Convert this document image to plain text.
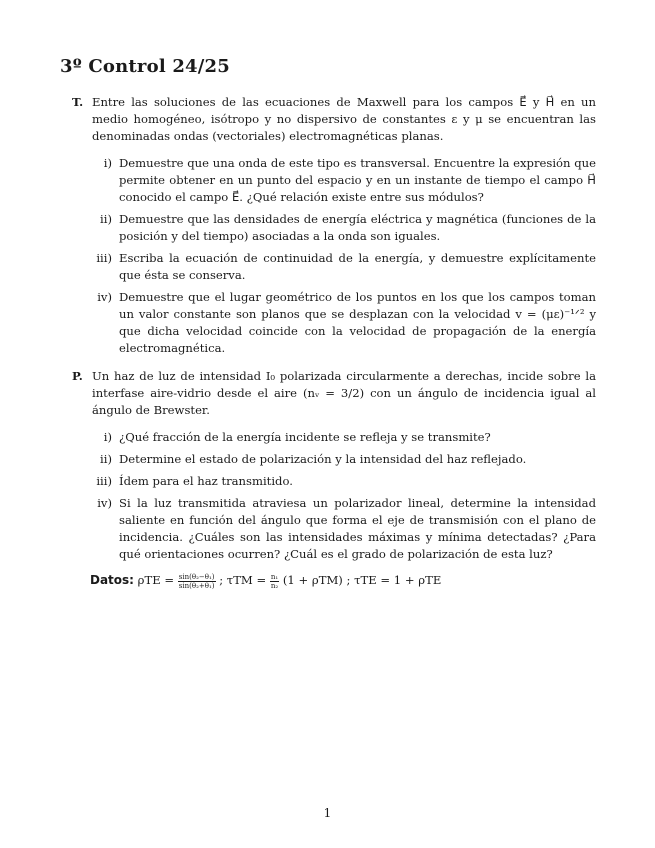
3º Control 24/25
T. Entre las soluciones de las ecuaciones de Maxwell para los campos E⃗ y H⃗ en un medio homogéneo, isótropo y no dispersivo de constantes ε y μ se encuentran las denominadas ondas (vectoriales) electromagnéticas planas.
i) Demuestre que una onda de este tipo es transversal. Encuentre la expresión que permite obtener en un punto del espacio y en un instante de tiempo el campo H⃗ conocido el campo E⃗. ¿Qué relación existe entre sus módulos?
ii) Demuestre que las densidades de energía eléctrica y magnética (funciones de la posición y del tiempo) asociadas a la onda son iguales.
iii) Escriba la ecuación de continuidad de la energía, y demuestre explícitamente que ésta se conserva.
iv) Demuestre que el lugar geométrico de los puntos en los que los campos toman un valor constante son planos que se desplazan con la velocidad v = (με)⁻¹ᐟ² y que dicha velocidad coincide con la velocidad de propagación de la energía electromagnética.
P. Un haz de luz de intensidad I₀ polarizada circularmente a derechas, incide sobre la interfase aire-vidrio desde el aire (nᵥ = 3/2) con un ángulo de incidencia igual al ángulo de Brewster.
i) ¿Qué fracción de la energía incidente se refleja y se transmite?
ii) Determine el estado de polarización y la intensidad del haz reflejado.
iii) Ídem para el haz transmitido.
iv) Si la luz transmitida atraviesa un polarizador lineal, determine la intensidad saliente en función del ángulo que forma el eje de transmisión con el plano de incidencia. ¿Cuáles son las intensidades máximas y mínima detectadas? ¿Para qué orientaciones ocurren? ¿Cuál es el grado de polarización de esta luz?
Datos: $\rho TE = \frac{\text{sin(θ₂−θ₁)}}{\text{sin(θ₂+θ₁)}}$ ; $\tau TM = \frac{\text{n₁}}{\text{n₂}} (1 + \rho TM)$ ; τTE = 1 + ρTE
1
